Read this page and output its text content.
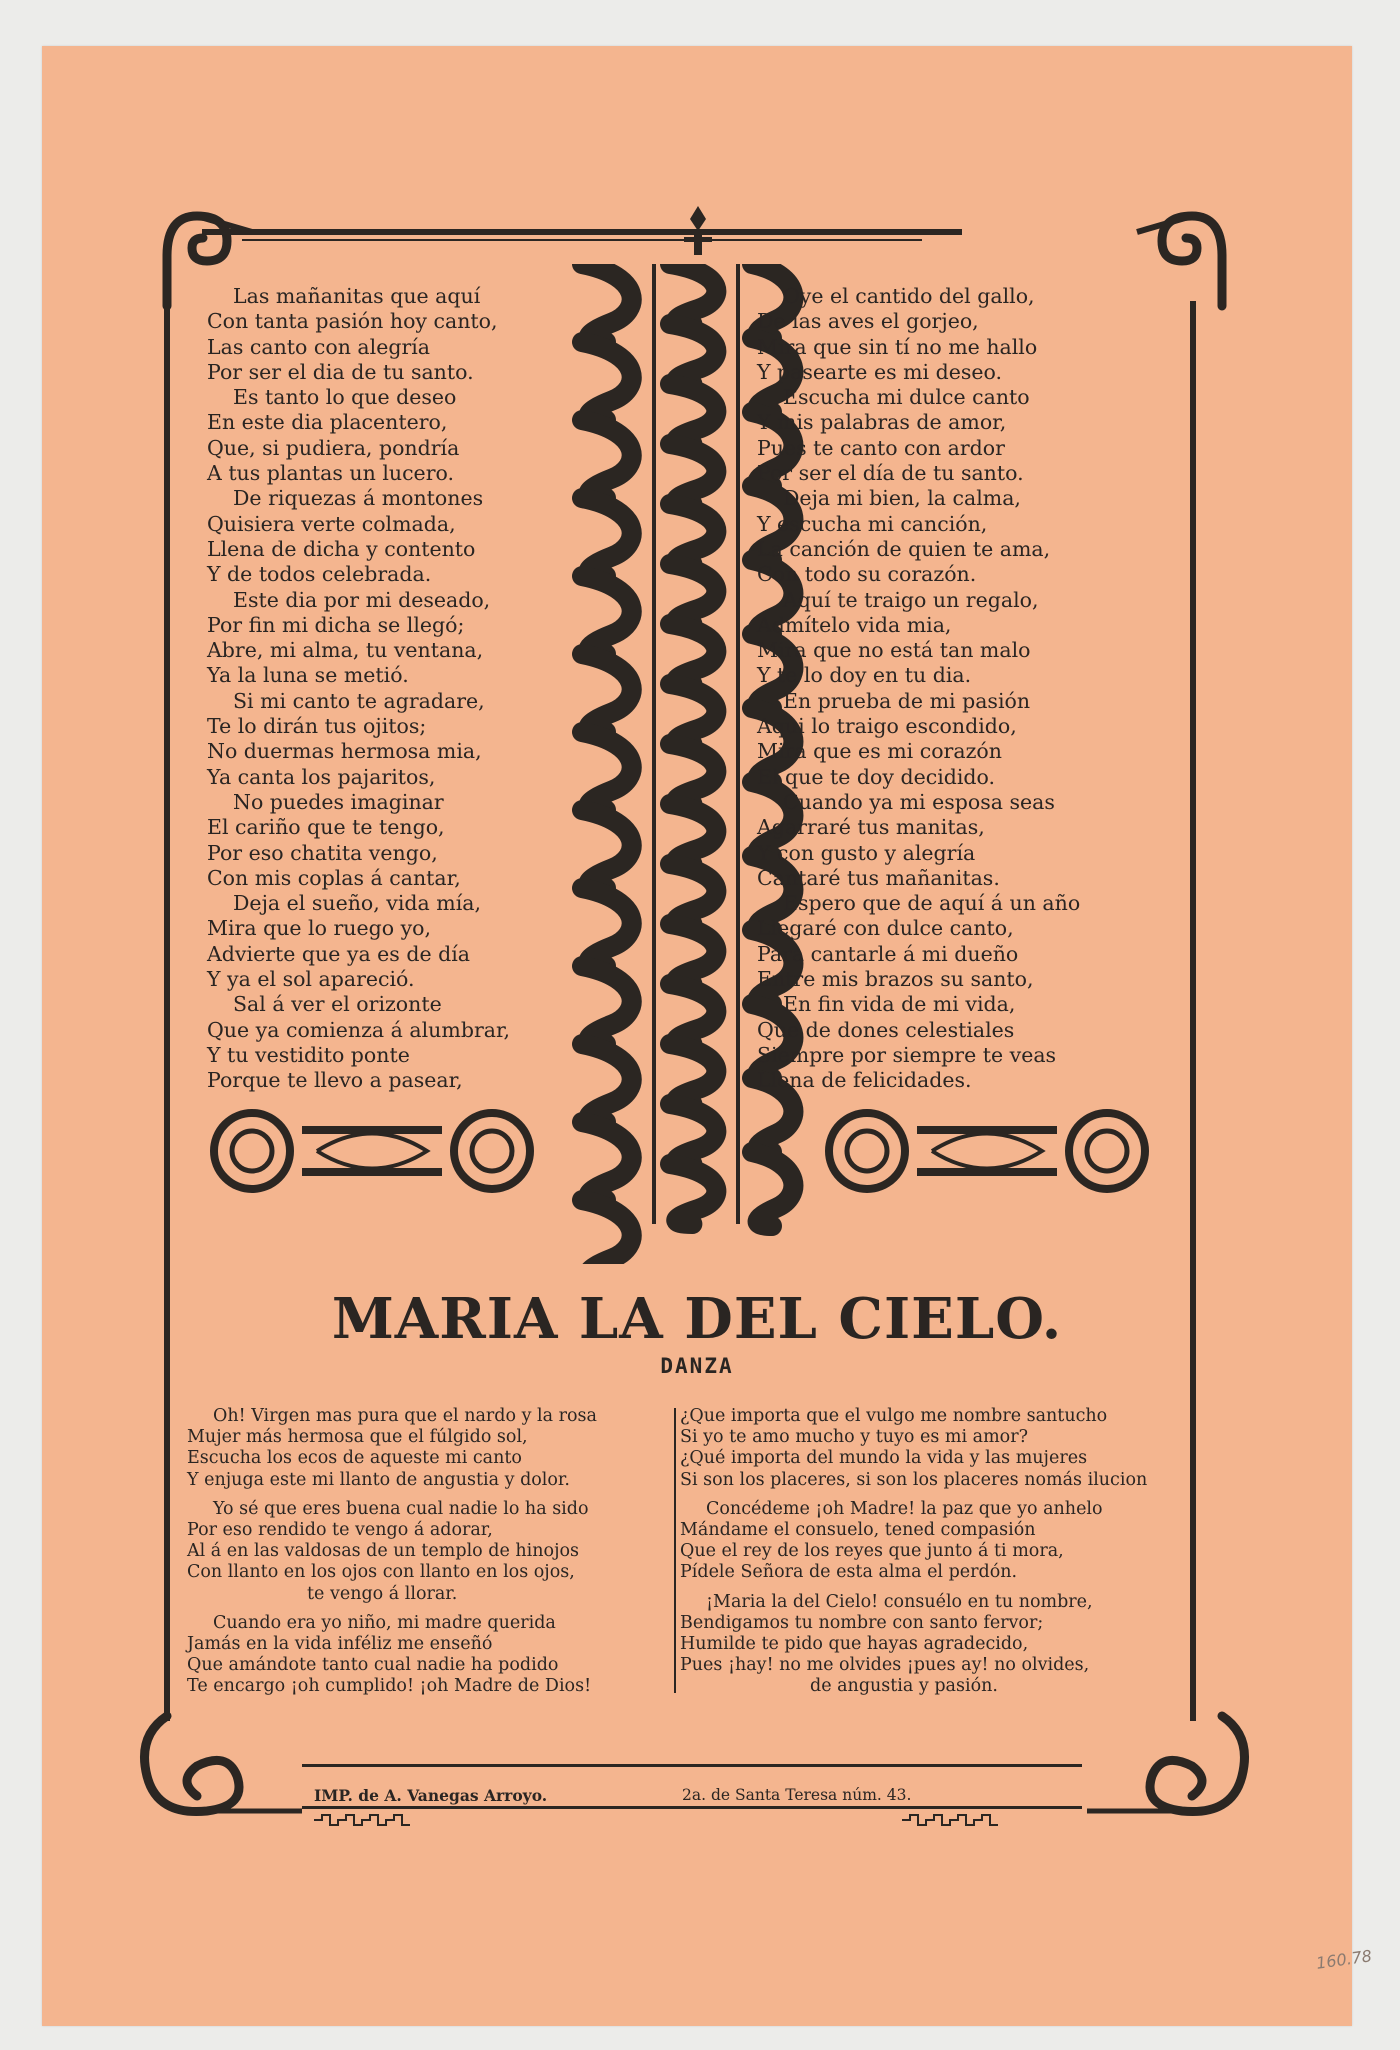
Las mañanitas que aquí
Con tanta pasión hoy canto,
Las canto con alegría
Por ser el dia de tu santo.
Es tanto lo que deseo
En este dia placentero,
Que, si pudiera, pondría
A tus plantas un lucero.
De riquezas á montones
Quisiera verte colmada,
Llena de dicha y contento
Y de todos celebrada.
Este dia por mi deseado,
Por fin mi dicha se llegó;
Abre, mi alma, tu ventana,
Ya la luna se metió.
Si mi canto te agradare,
Te lo dirán tus ojitos;
No duermas hermosa mia,
Ya canta los pajaritos,
No puedes imaginar
El cariño que te tengo,
Por eso chatita vengo,
Con mis coplas á cantar,
Deja el sueño, vida mía,
Mira que lo ruego yo,
Advierte que ya es de día
Y ya el sol apareció.
Sal á ver el orizonte
Que ya comienza á alumbrar,
Y tu vestidito ponte
Porque te llevo a pasear,
Oye el cantido del gallo,
De las aves el gorjeo,
Mira que sin tí no me hallo
Y pasearte es mi deseo.
Escucha mi dulce canto
Y mis palabras de amor,
Pues te canto con ardor
Por ser el día de tu santo.
Deja mi bien, la calma,
Y escucha mi canción,
La canción de quien te ama,
Con todo su corazón.
Aquí te traigo un regalo,
Admítelo vida mia,
Mira que no está tan malo
Y te lo doy en tu dia.
En prueba de mi pasión
Aqui lo traigo escondido,
Mira que es mi corazón
El que te doy decidido.
Cuando ya mi esposa seas
Agarraré tus manitas,
Y con gusto y alegría
Cantaré tus mañanitas.
Espero que de aquí á un año
Llegaré con dulce canto,
Para cantarle á mi dueño
Entre mis brazos su santo,
En fin vida de mi vida,
Que de dones celestiales
Siempre por siempre te veas
Llena de felicidades.
MARIA LA DEL CIELO.
DANZA
Oh! Virgen mas pura que el nardo y la rosa
Mujer más hermosa que el fúlgido sol,
Escucha los ecos de aqueste mi canto
Y enjuga este mi llanto de angustia y dolor.
Yo sé que eres buena cual nadie lo ha sido
Por eso rendido te vengo á adorar,
Al á en las valdosas de un templo de hinojos
Con llanto en los ojos con llanto en los ojos,
te vengo á llorar.
Cuando era yo niño, mi madre querida
Jamás en la vida inféliz me enseñó
Que amándote tanto cual nadie ha podido
Te encargo ¡oh cumplido! ¡oh Madre de Dios!
¿Que importa que el vulgo me nombre santucho
Si yo te amo mucho y tuyo es mi amor?
¿Qué importa del mundo la vida y las mujeres
Si son los placeres, si son los placeres nomás ilucion
Concédeme ¡oh Madre! la paz que yo anhelo
Mándame el consuelo, tened compasión
Que el rey de los reyes que junto á ti mora,
Pídele Señora de esta alma el perdón.
¡Maria la del Cielo! consuélo en tu nombre,
Bendigamos tu nombre con santo fervor;
Humilde te pido que hayas agradecido,
Pues ¡hay! no me olvides ¡pues ay! no olvides,
de angustia y pasión.
IMP. de A. Vanegas Arroyo.	2a. de Santa Teresa núm. 43.
160.78
